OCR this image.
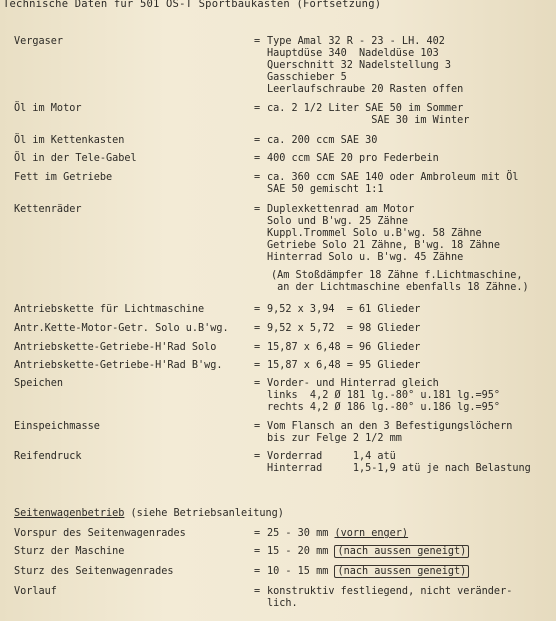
Technische Daten für 501 OS-T Sportbaukasten (Fortsetzung)
Vergaser	= Type Amal 32 R - 23 - LH. 402
Hauptdüse 340  Nadeldüse 103
Querschnitt 32 Nadelstellung 3
Gasschieber 5
Leerlaufschraube 20 Rasten offen
Öl im Motor	= ca. 2 1/2 Liter SAE 50 im Sommer
SAE 30 im Winter
Öl im Kettenkasten	= ca. 200 ccm SAE 30
Öl in der Tele-Gabel	= 400 ccm SAE 20 pro Federbein
Fett im Getriebe	= ca. 360 ccm SAE 140 oder Ambroleum mit Öl
SAE 50 gemischt 1:1
Kettenräder	= Duplexkettenrad am Motor
Solo und B'wg. 25 Zähne
Kuppl.Trommel Solo u.B'wg. 58 Zähne
Getriebe Solo 21 Zähne, B'wg. 18 Zähne
Hinterrad Solo u. B'wg. 45 Zähne
(Am Stoßdämpfer 18 Zähne f.Lichtmaschine,
an der Lichtmaschine ebenfalls 18 Zähne.)
Antriebskette für Lichtmaschine	= 9,52 x 3,94  = 61 Glieder
Antr.Kette-Motor-Getr. Solo u.B'wg. = 9,52 x 5,72  = 98 Glieder
Antriebskette-Getriebe-H'Rad Solo	= 15,87 x 6,48 = 96 Glieder
Antriebskette-Getriebe-H'Rad B'wg.	= 15,87 x 6,48 = 95 Glieder
Speichen	= Vorder- und Hinterrad gleich
links  4,2 Ø 181 lg.-80° u.181 lg.=95°
rechts 4,2 Ø 186 lg.-80° u.186 lg.=95°
Einspeichmasse	= Vom Flansch an den 3 Befestigungslöchern
bis zur Felge 2 1/2 mm
Reifendruck	= Vorderrad     1,4 atü
Hinterrad     1,5-1,9 atü je nach Belastung
Seitenwagenbetrieb (siehe Betriebsanleitung)
Vorspur des Seitenwagenrades	= 25 - 30 mm (vorn enger)
Sturz der Maschine	= 15 - 20 mm (nach aussen geneigt)
Sturz des Seitenwagenrades	= 10 - 15 mm (nach aussen geneigt)
Vorlauf	= konstruktiv festliegend, nicht veränder-
lich.
